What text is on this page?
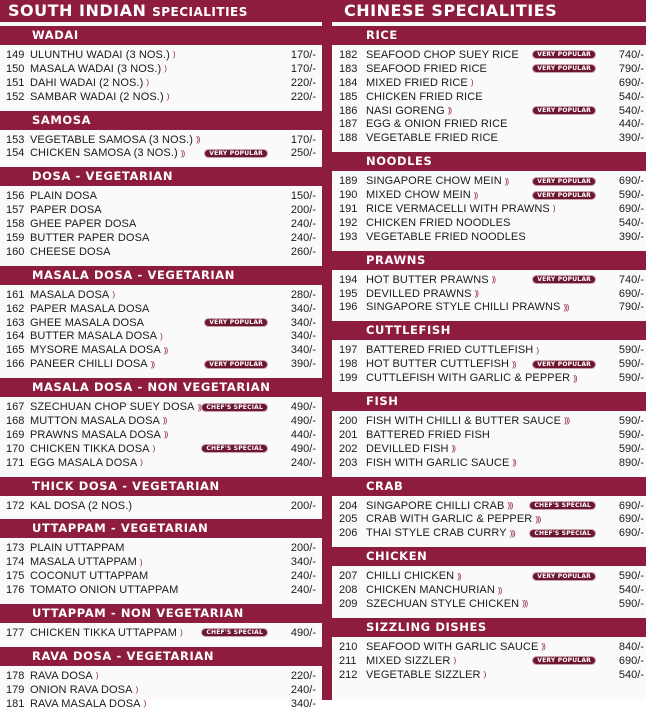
SOUTH INDIAN SPECIALITIES
WADAI
149 ULUNTHU WADAI (3 NOS.) )	170/-
150 MASALA WADAI (3 NOS.) )	170/-
151 DAHI WADAI (2 NOS.) )	220/-
152 SAMBAR WADAI (2 NOS.) )	220/-
SAMOSA
153 VEGETABLE SAMOSA (3 NOS.) ))	170/-
154 CHICKEN SAMOSA (3 NOS.) ))	VERY POPULAR	250/-
DOSA - VEGETARIAN
156 PLAIN DOSA	150/-
157 PAPER DOSA	200/-
158 GHEE PAPER DOSA	240/-
159 BUTTER PAPER DOSA	240/-
160 CHEESE DOSA	260/-
MASALA DOSA - VEGETARIAN
161 MASALA DOSA )	280/-
162 PAPER MASALA DOSA	340/-
163 GHEE MASALA DOSA	VERY POPULAR	340/-
164 BUTTER MASALA DOSA )	340/-
165 MYSORE MASALA DOSA ))	340/-
166 PANEER CHILLI DOSA ))	VERY POPULAR	390/-
MASALA DOSA - NON VEGETARIAN
167 SZECHUAN CHOP SUEY DOSA )) CHEF'S SPECIAL	490/-
168 MUTTON MASALA DOSA ))	490/-
169 PRAWNS MASALA DOSA ))	440/-
170 CHICKEN TIKKA DOSA )	CHEF'S SPECIAL	490/-
171 EGG MASALA DOSA )	240/-
THICK DOSA - VEGETARIAN
172 KAL DOSA (2 NOS.)	200/-
UTTAPPAM - VEGETARIAN
173 PLAIN UTTAPPAM	200/-
174 MASALA UTTAPPAM )	340/-
175 COCONUT UTTAPPAM	240/-
176 TOMATO ONION UTTAPPAM	240/-
UTTAPPAM - NON VEGETARIAN
177 CHICKEN TIKKA UTTAPPAM )	CHEF'S SPECIAL	490/-
RAVA DOSA - VEGETARIAN
178 RAVA DOSA )	220/-
179 ONION RAVA DOSA )	240/-
181 RAVA MASALA DOSA )	340/-
CHINESE SPECIALITIES
RICE
182 SEAFOOD CHOP SUEY RICE	VERY POPULAR	740/-
183 SEAFOOD FRIED RICE	VERY POPULAR	790/-
184 MIXED FRIED RICE )	690/-
185 CHICKEN FRIED RICE	540/-
186 NASI GORENG ))	VERY POPULAR	540/-
187 EGG & ONION FRIED RICE	440/-
188 VEGETABLE FRIED RICE	390/-
NOODLES
189 SINGAPORE CHOW MEIN ))	VERY POPULAR	690/-
190 MIXED CHOW MEIN ))	VERY POPULAR	590/-
191 RICE VERMACELLI WITH PRAWNS )	690/-
192 CHICKEN FRIED NOODLES	540/-
193 VEGETABLE FRIED NOODLES	390/-
PRAWNS
194 HOT BUTTER PRAWNS ))	VERY POPULAR	740/-
195 DEVILLED PRAWNS ))	690/-
196 SINGAPORE STYLE CHILLI PRAWNS )))	790/-
CUTTLEFISH
197 BATTERED FRIED CUTTLEFISH )	590/-
198 HOT BUTTER CUTTLEFISH ))	VERY POPULAR	590/-
199 CUTTLEFISH WITH GARLIC & PEPPER ))	590/-
FISH
200 FISH WITH CHILLI & BUTTER SAUCE )))	590/-
201 BATTERED FRIED FISH	590/-
202 DEVILLED FISH ))	590/-
203 FISH WITH GARLIC SAUCE ))	890/-
CRAB
204 SINGAPORE CHILLI CRAB )))	CHEF'S SPECIAL	690/-
205 CRAB WITH GARLIC & PEPPER )))	690/-
206 THAI STYLE CRAB CURRY )))	CHEF'S SPECIAL	690/-
CHICKEN
207 CHILLI CHICKEN ))	VERY POPULAR	590/-
208 CHICKEN MANCHURIAN ))	540/-
209 SZECHUAN STYLE CHICKEN )))	590/-
SIZZLING DISHES
210 SEAFOOD WITH GARLIC SAUCE ))	840/-
211 MIXED SIZZLER )	VERY POPULAR	690/-
212 VEGETABLE SIZZLER )	540/-
